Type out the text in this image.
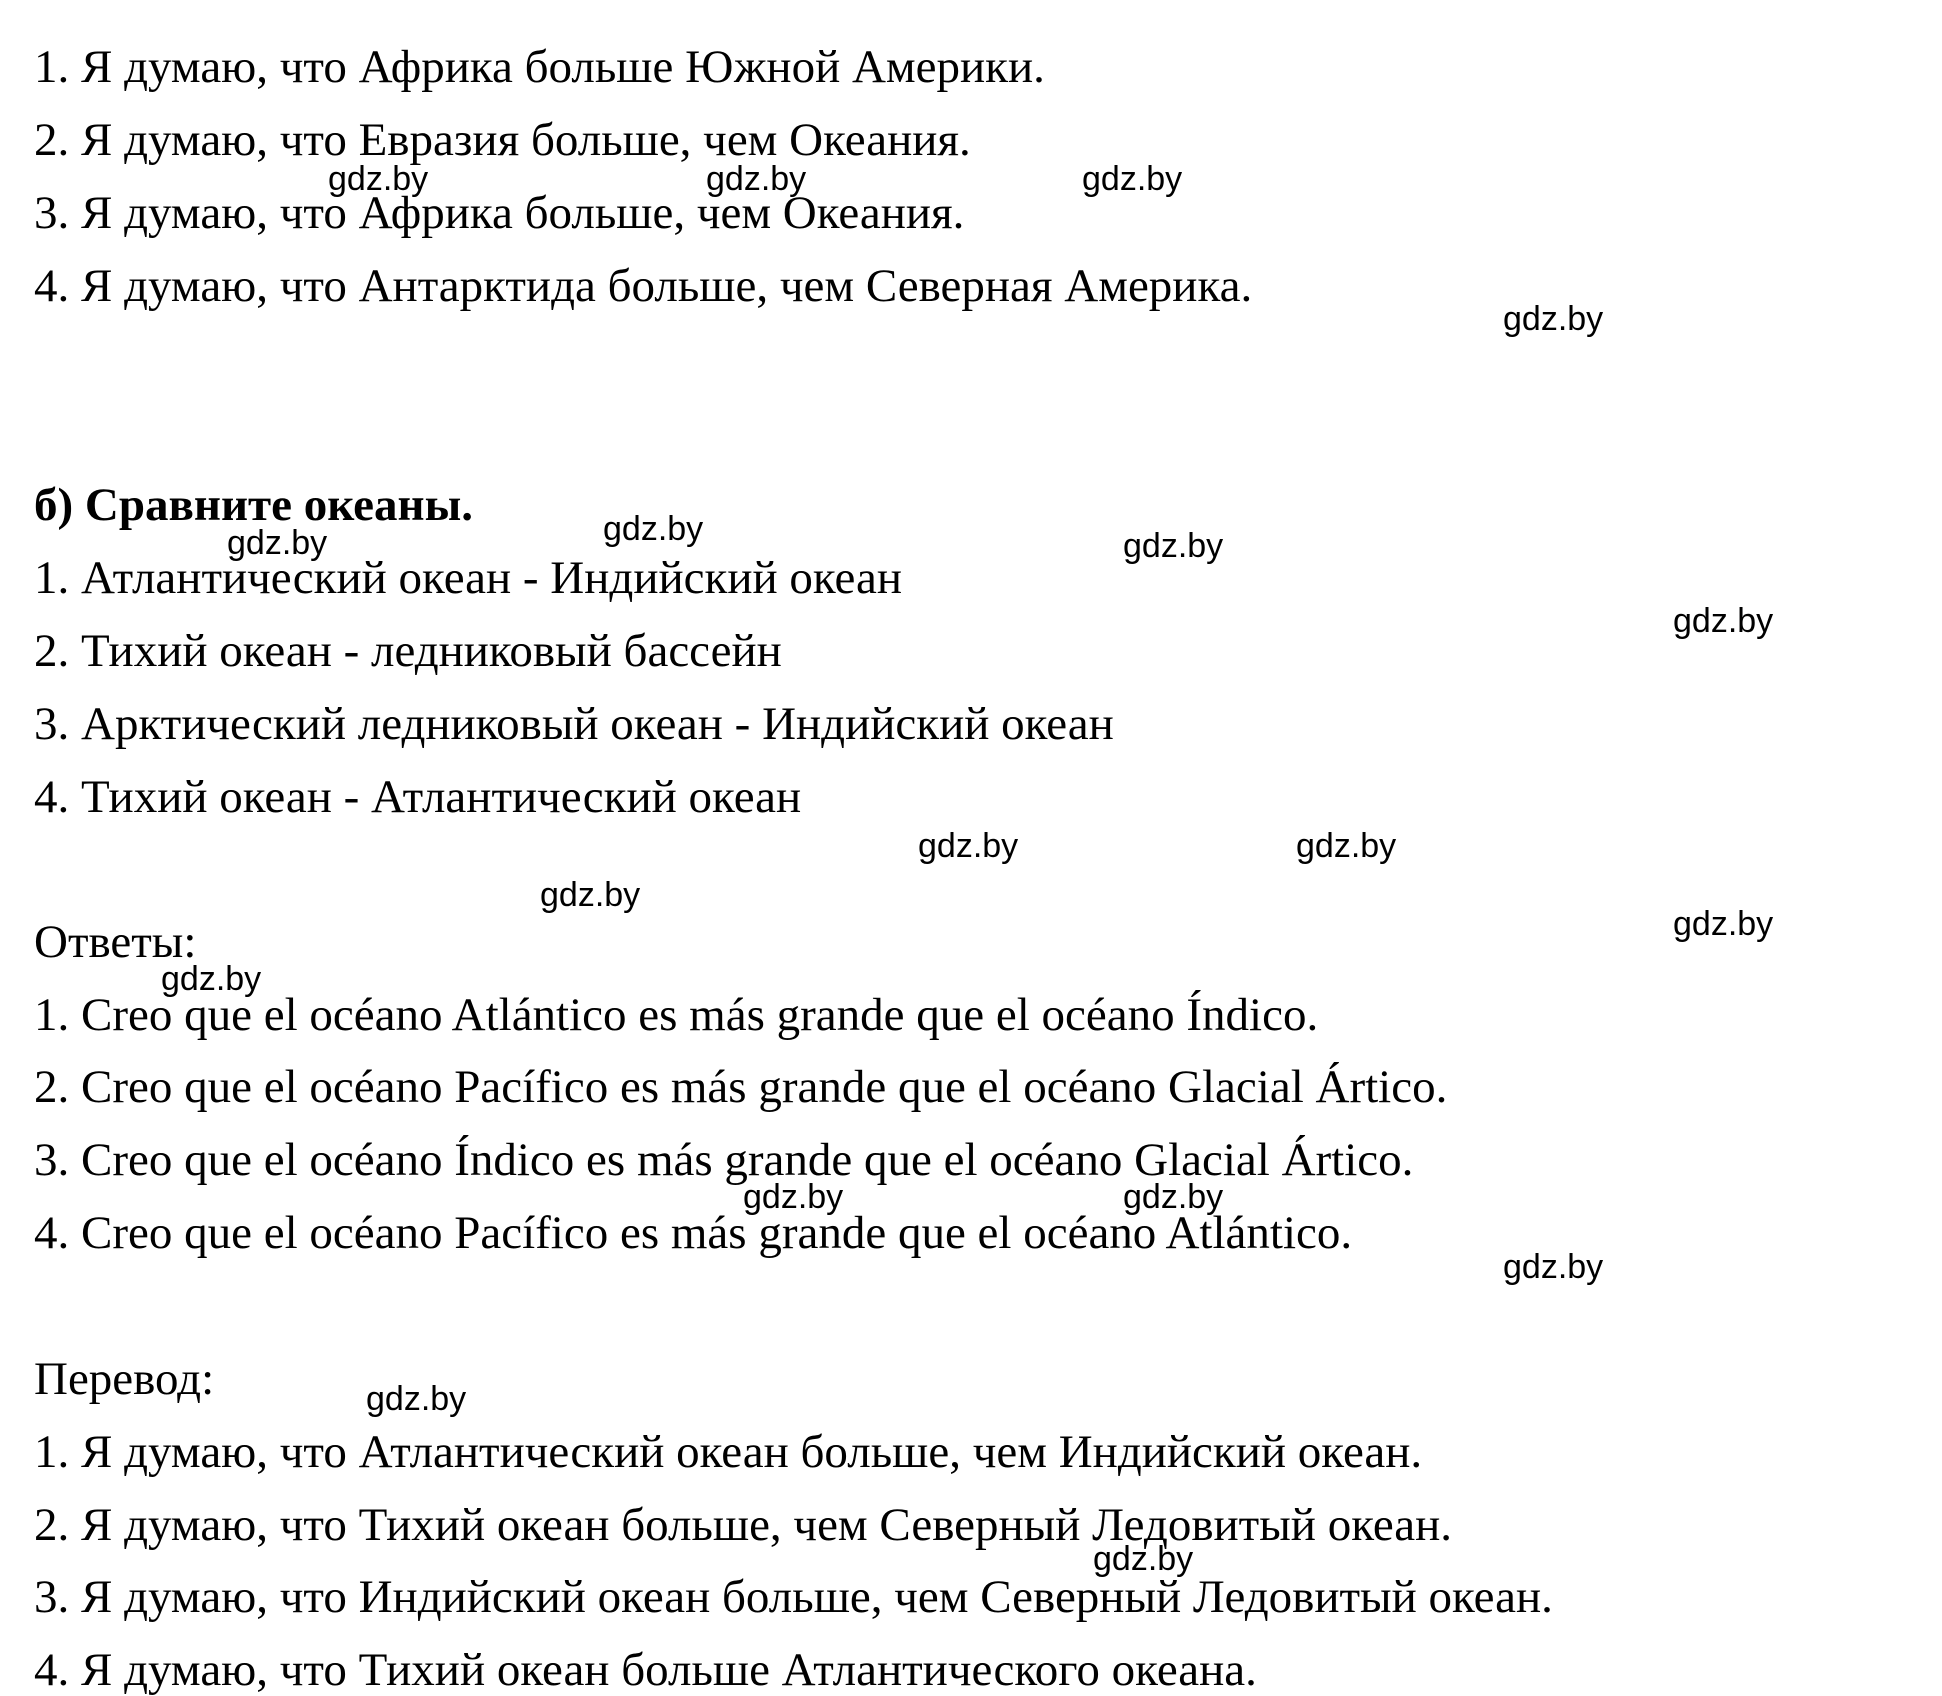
1. Я думаю, что Африка больше Южной Америки.
2. Я думаю, что Евразия больше, чем Океания.
3. Я думаю, что Африка больше, чем Океания.
4. Я думаю, что Антарктида больше, чем Северная Америка.
б) Сравните океаны.
1. Атлантический океан - Индийский океан
2. Тихий океан - ледниковый бассейн
3. Арктический ледниковый океан - Индийский океан
4. Тихий океан - Атлантический океан
Ответы:
1. Creo que el océano Atlántico es más grande que el océano Índico.
2. Creo que el océano Pacífico es más grande que el océano Glacial Ártico.
3. Creo que el océano Índico es más grande que el océano Glacial Ártico.
4. Creo que el océano Pacífico es más grande que el océano Atlántico.
Перевод:
1. Я думаю, что Атлантический океан больше, чем Индийский океан.
2. Я думаю, что Тихий океан больше, чем Северный Ледовитый океан.
3. Я думаю, что Индийский океан больше, чем Северный Ледовитый океан.
4. Я думаю, что Тихий океан больше Атлантического океана.
gdz.by	gdz.by	gdz.by
gdz.by
gdz.by
gdz.by	gdz.by
gdz.by
gdz.by	gdz.by
gdz.by
gdz.by
gdz.by
gdz.by	gdz.by
gdz.by
gdz.by
gdz.by
